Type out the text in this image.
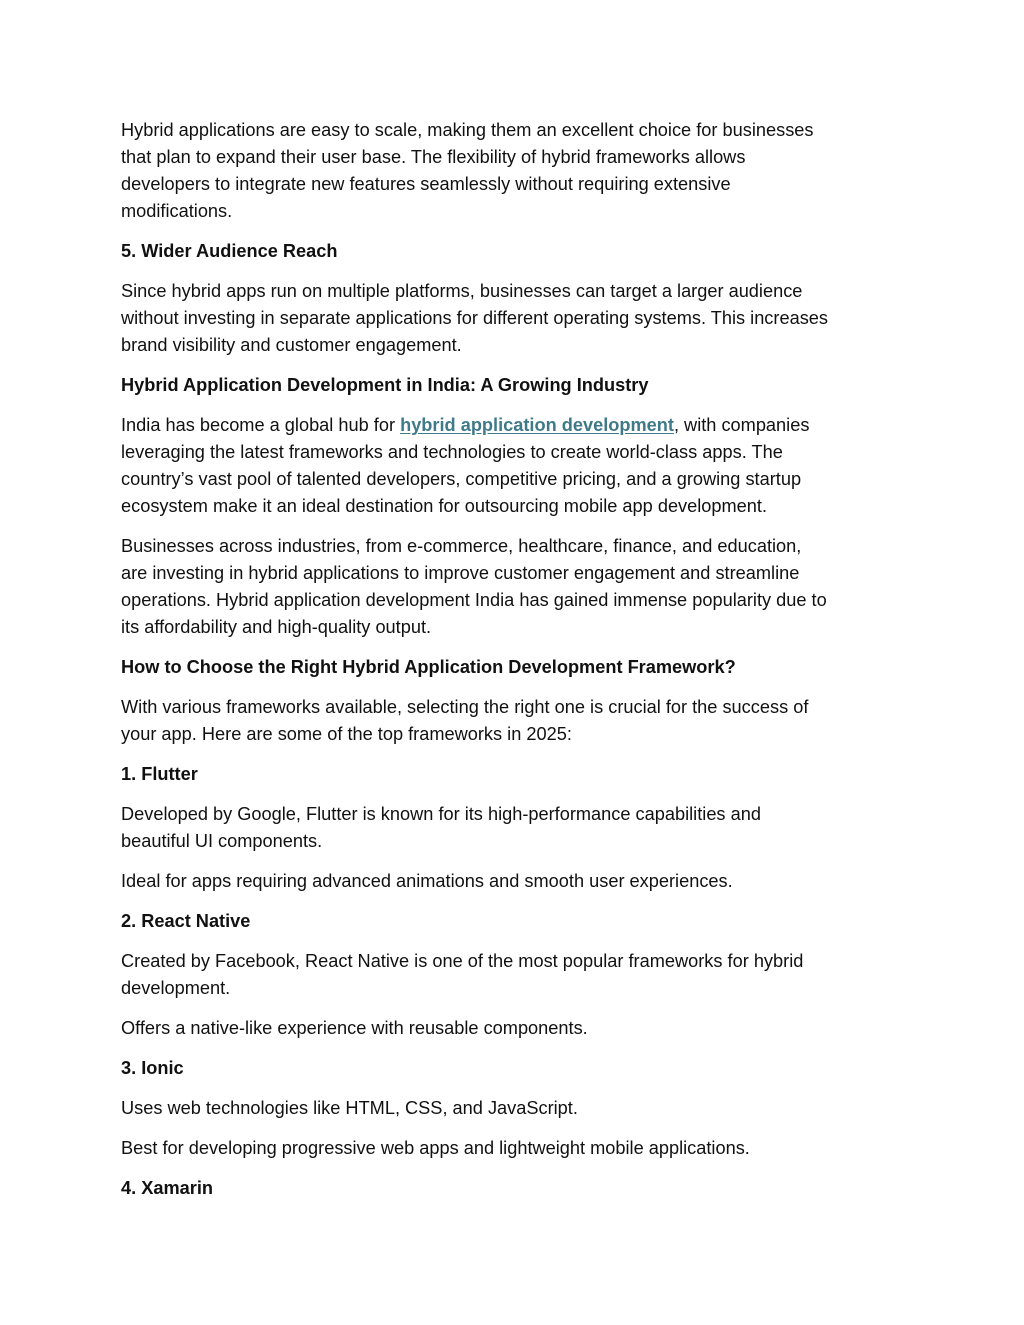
Hybrid applications are easy to scale, making them an excellent choice for businesses
that plan to expand their user base. The flexibility of hybrid frameworks allows
developers to integrate new features seamlessly without requiring extensive
modifications.

5. Wider Audience Reach

Since hybrid apps run on multiple platforms, businesses can target a larger audience
without investing in separate applications for different operating systems. This increases
brand visibility and customer engagement.

Hybrid Application Development in India: A Growing Industry

India has become a global hub for hybrid application development, with companies
leveraging the latest frameworks and technologies to create world-class apps. The
country’s vast pool of talented developers, competitive pricing, and a growing startup
ecosystem make it an ideal destination for outsourcing mobile app development.

Businesses across industries, from e-commerce, healthcare, finance, and education,
are investing in hybrid applications to improve customer engagement and streamline
operations. Hybrid application development India has gained immense popularity due to
its affordability and high-quality output.

How to Choose the Right Hybrid Application Development Framework?

With various frameworks available, selecting the right one is crucial for the success of
your app. Here are some of the top frameworks in 2025:

1. Flutter

Developed by Google, Flutter is known for its high-performance capabilities and
beautiful UI components.

Ideal for apps requiring advanced animations and smooth user experiences.

2. React Native

Created by Facebook, React Native is one of the most popular frameworks for hybrid
development.

Offers a native-like experience with reusable components.

3. Ionic

Uses web technologies like HTML, CSS, and JavaScript.

Best for developing progressive web apps and lightweight mobile applications.

4. Xamarin
